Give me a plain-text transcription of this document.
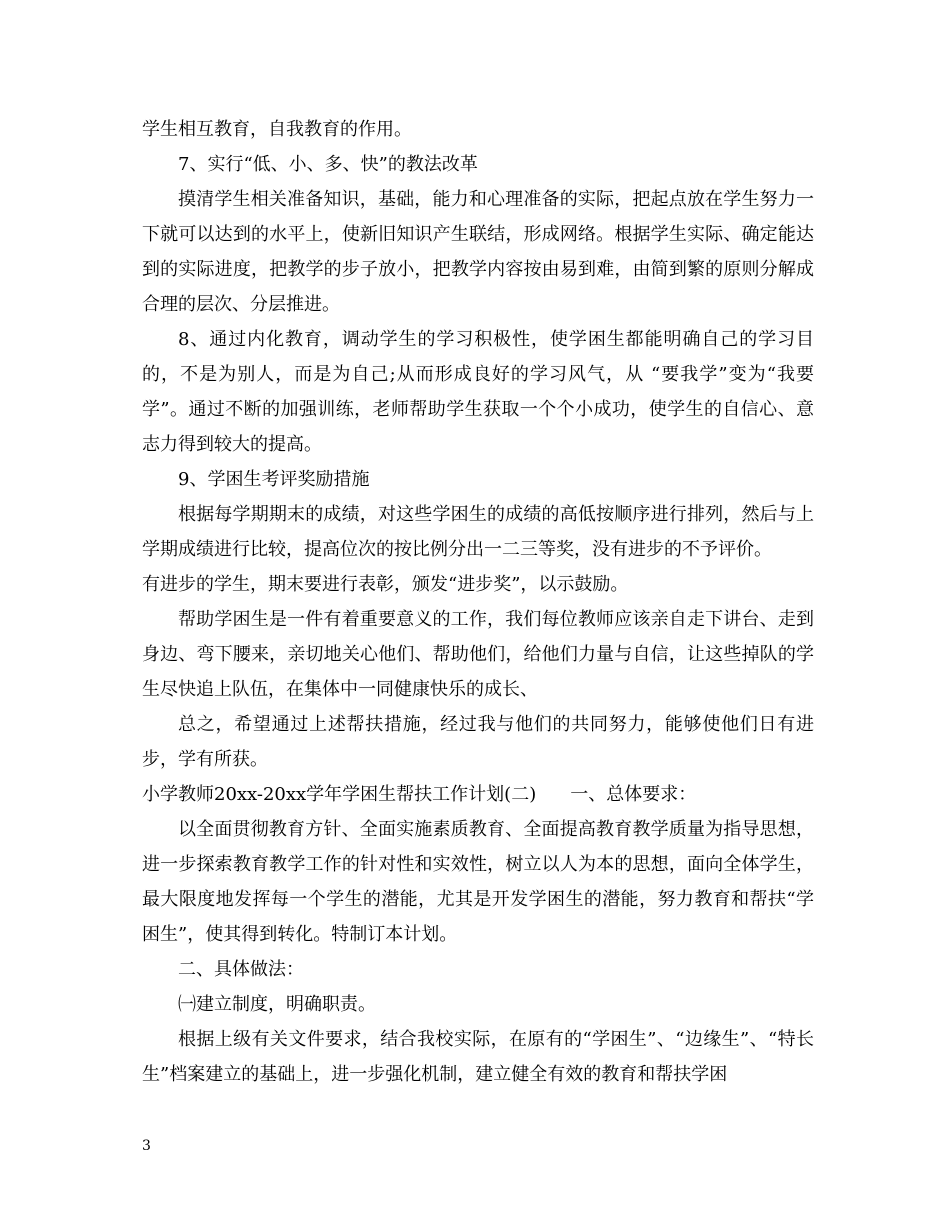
学生相互教育，自我教育的作用。

7、实行“低、小、多、快”的教法改革

摸清学生相关准备知识，基础，能力和心理准备的实际，把起点放在学生努力一下就可以达到的水平上，使新旧知识产生联结，形成网络。根据学生实际、确定能达到的实际进度，把教学的步子放小，把教学内容按由易到难，由简到繁的原则分解成合理的层次、分层推进。

8、通过内化教育，调动学生的学习积极性，使学困生都能明确自己的学习目的，不是为别人，而是为自己;从而形成良好的学习风气，从 “要我学”变为“我要学”。通过不断的加强训练，老师帮助学生获取一个个小成功，使学生的自信心、意志力得到较大的提高。

9、学困生考评奖励措施

根据每学期期末的成绩，对这些学困生的成绩的高低按顺序进行排列，然后与上学期成绩进行比较，提高位次的按比例分出一二三等奖，没有进步的不予评价。

有进步的学生，期末要进行表彰，颁发“进步奖”，以示鼓励。

帮助学困生是一件有着重要意义的工作，我们每位教师应该亲自走下讲台、走到身边、弯下腰来，亲切地关心他们、帮助他们，给他们力量与自信，让这些掉队的学生尽快追上队伍，在集体中一同健康快乐的成长、

总之，希望通过上述帮扶措施，经过我与他们的共同努力，能够使他们日有进步，学有所获。

小学教师20xx-20xx学年学困生帮扶工作计划(二) 一、总体要求：

以全面贯彻教育方针、全面实施素质教育、全面提高教育教学质量为指导思想，进一步探索教育教学工作的针对性和实效性，树立以人为本的思想，面向全体学生，最大限度地发挥每一个学生的潜能，尤其是开发学困生的潜能，努力教育和帮扶“学困生”，使其得到转化。特制订本计划。

二、具体做法：

㈠建立制度，明确职责。

根据上级有关文件要求，结合我校实际，在原有的“学困生”、“边缘生”、“特长生”档案建立的基础上，进一步强化机制，建立健全有效的教育和帮扶学困

3
